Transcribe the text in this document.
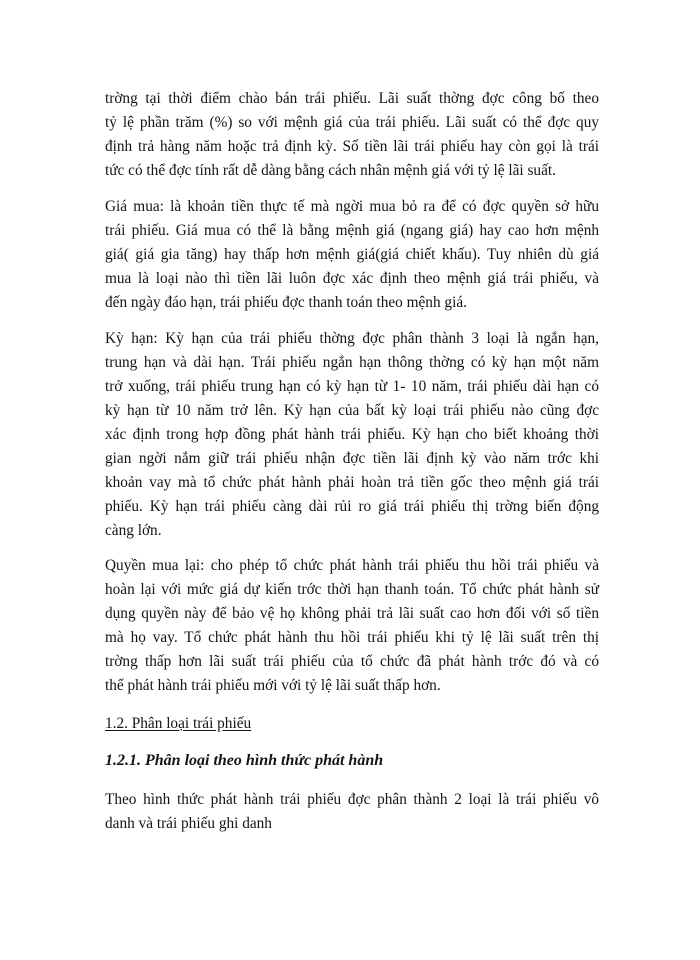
trờng tại thời điểm chào bán trái phiếu. Lãi suất thờng đợc công bố theo
tỷ lệ phần trăm (%) so với mệnh giá của trái phiếu. Lãi suất có thể đợc quy
định trả hàng năm hoặc trả định kỳ. Số tiền lãi trái phiếu hay còn gọi là trái
tức có thể đợc tính rất dễ dàng bằng cách nhân mệnh giá với tỷ lệ lãi suất.
Giá mua: là khoản tiền thực tế mà ngời mua bỏ ra để có đợc quyền sở hữu
trái phiếu. Giá mua có thể là bằng mệnh giá (ngang giá) hay cao hơn mệnh
giá( giá gia tăng) hay thấp hơn mệnh giá(giá chiết khấu). Tuy nhiên dù giá
mua là loại nào thì tiền lãi luôn đợc xác định theo mệnh giá trái phiếu, và
đến ngày đáo hạn, trái phiếu đợc thanh toán theo mệnh giá.
Kỳ hạn: Kỳ hạn của trái phiếu thờng đợc phân thành 3 loại là ngắn hạn,
trung hạn và dài hạn. Trái phiếu ngắn hạn thông thờng có kỳ hạn một năm
trở xuống, trái phiếu trung hạn có kỳ hạn từ 1- 10 năm, trái phiếu dài hạn có
kỳ hạn từ 10 năm trở lên. Kỳ hạn của bất kỳ loại trái phiếu nào cũng đợc
xác định trong hợp đồng phát hành trái phiếu. Kỳ hạn cho biết khoảng thời
gian ngời nắm giữ trái phiếu nhận đợc tiền lãi định kỳ vào năm trớc khi
khoản vay mà tổ chức phát hành phải hoàn trả tiền gốc theo mệnh giá trái
phiếu. Kỳ hạn trái phiếu càng dài rủi ro giá trái phiếu thị trờng biến động
càng lớn.
Quyền mua lại: cho phép tổ chức phát hành trái phiếu thu hồi trái phiếu và
hoàn lại với mức giá dự kiến trớc thời hạn thanh toán. Tổ chức phát hành sử
dụng quyền này để bảo vệ họ không phải trả lãi suất cao hơn đối với số tiền
mà họ vay. Tổ chức phát hành thu hồi trái phiếu khi tỷ lệ lãi suất trên thị
trờng thấp hơn lãi suất trái phiếu của tổ chức đã phát hành trớc đó và có
thể phát hành trái phiếu mới với tỷ lệ lãi suất thấp hơn.
1.2. Phân loại trái phiếu
1.2.1. Phân loại theo hình thức phát hành
Theo hình thức phát hành trái phiếu đợc phân thành 2 loại là trái phiếu vô
danh và trái phiếu ghi danh
